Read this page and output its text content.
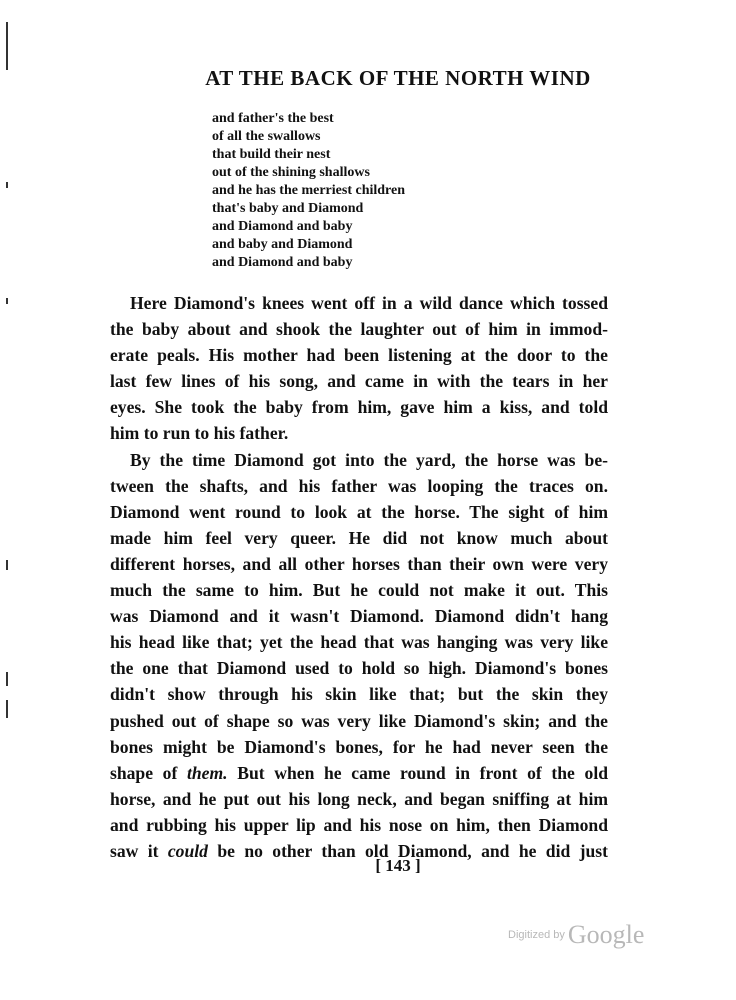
AT THE BACK OF THE NORTH WIND
and father's the best
of all the swallows
that build their nest
out of the shining shallows
and he has the merriest children
that's baby and Diamond
and Diamond and baby
and baby and Diamond
and Diamond and baby
Here Diamond's knees went off in a wild dance which tossed
the baby about and shook the laughter out of him in immod-
erate peals. His mother had been listening at the door to the
last few lines of his song, and came in with the tears in her
eyes. She took the baby from him, gave him a kiss, and told
him to run to his father.
By the time Diamond got into the yard, the horse was be-
tween the shafts, and his father was looping the traces on.
Diamond went round to look at the horse. The sight of him
made him feel very queer. He did not know much about
different horses, and all other horses than their own were very
much the same to him. But he could not make it out. This
was Diamond and it wasn't Diamond. Diamond didn't hang
his head like that; yet the head that was hanging was very like
the one that Diamond used to hold so high. Diamond's bones
didn't show through his skin like that; but the skin they
pushed out of shape so was very like Diamond's skin; and the
bones might be Diamond's bones, for he had never seen the
shape of them. But when he came round in front of the old
horse, and he put out his long neck, and began sniffing at him
and rubbing his upper lip and his nose on him, then Diamond
saw it could be no other than old Diamond, and he did just
[ 143 ]
Digitized by Google
